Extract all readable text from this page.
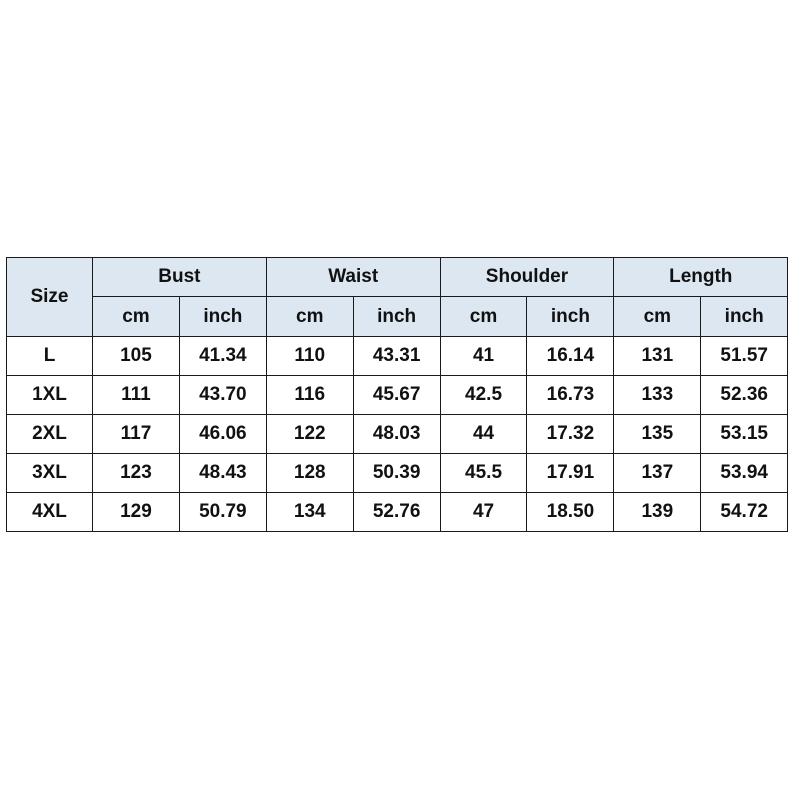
Size	Bust		Waist		Shoulder		Length	
	cm	inch	cm	inch	cm	inch	cm	inch
L	105	41.34	110	43.31	41	16.14	131	51.57
1XL	111	43.70	116	45.67	42.5	16.73	133	52.36
2XL	117	46.06	122	48.03	44	17.32	135	53.15
3XL	123	48.43	128	50.39	45.5	17.91	137	53.94
4XL	129	50.79	134	52.76	47	18.50	139	54.72
